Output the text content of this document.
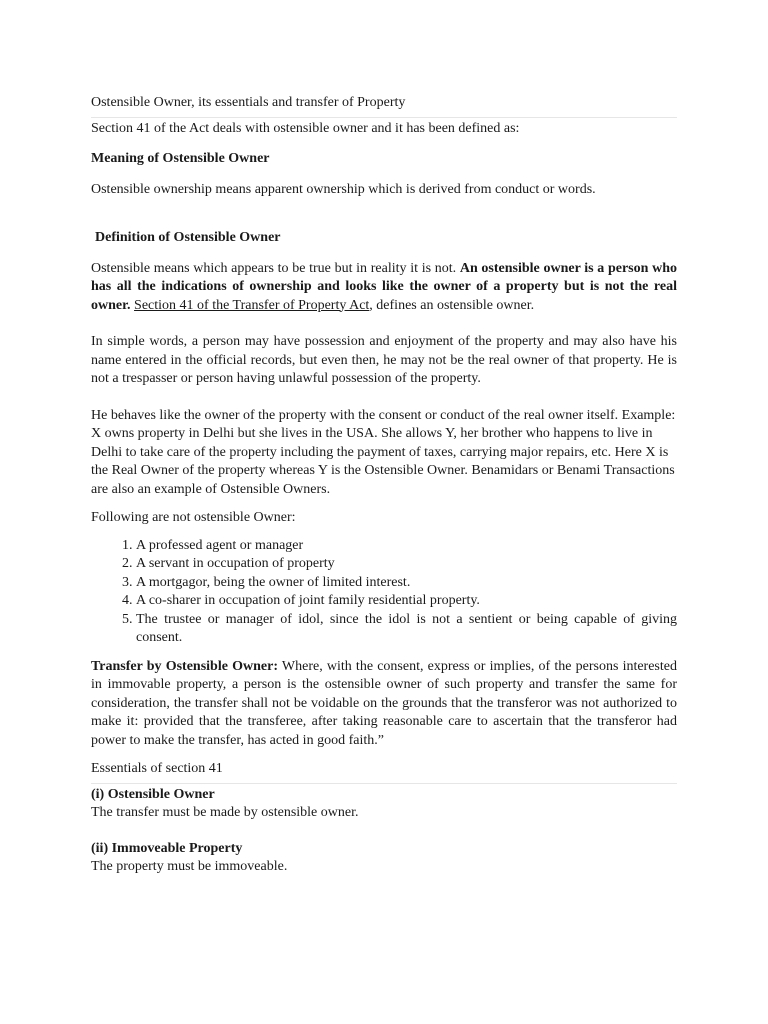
Ostensible Owner, its essentials and transfer of Property

Section 41 of the Act deals with ostensible owner and it has been defined as:

Meaning of Ostensible Owner

Ostensible ownership means apparent ownership which is derived from conduct or words.

Definition of Ostensible Owner

Ostensible means which appears to be true but in reality it is not. An ostensible owner is a person who has all the indications of ownership and looks like the owner of a property but is not the real owner. Section 41 of the Transfer of Property Act, defines an ostensible owner.

In simple words, a person may have possession and enjoyment of the property and may also have his name entered in the official records, but even then, he may not be the real owner of that property. He is not a trespasser or person having unlawful possession of the property.

He behaves like the owner of the property with the consent or conduct of the real owner itself. Example: X owns property in Delhi but she lives in the USA. She allows Y, her brother who happens to live in Delhi to take care of the property including the payment of taxes, carrying major repairs, etc. Here X is the Real Owner of the property whereas Y is the Ostensible Owner. Benamidars or Benami Transactions are also an example of Ostensible Owners.

Following are not ostensible Owner:

1. A professed agent or manager
2. A servant in occupation of property
3. A mortgagor, being the owner of limited interest.
4. A co-sharer in occupation of joint family residential property.
5. The trustee or manager of idol, since the idol is not a sentient or being capable of giving consent.

Transfer by Ostensible Owner: Where, with the consent, express or implies, of the persons interested in immovable property, a person is the ostensible owner of such property and transfer the same for consideration, the transfer shall not be voidable on the grounds that the transferor was not authorized to make it: provided that the transferee, after taking reasonable care to ascertain that the transferor had power to make the transfer, has acted in good faith.”

Essentials of section 41

(i) Ostensible Owner

The transfer must be made by ostensible owner.

(ii) Immoveable Property

The property must be immoveable.
